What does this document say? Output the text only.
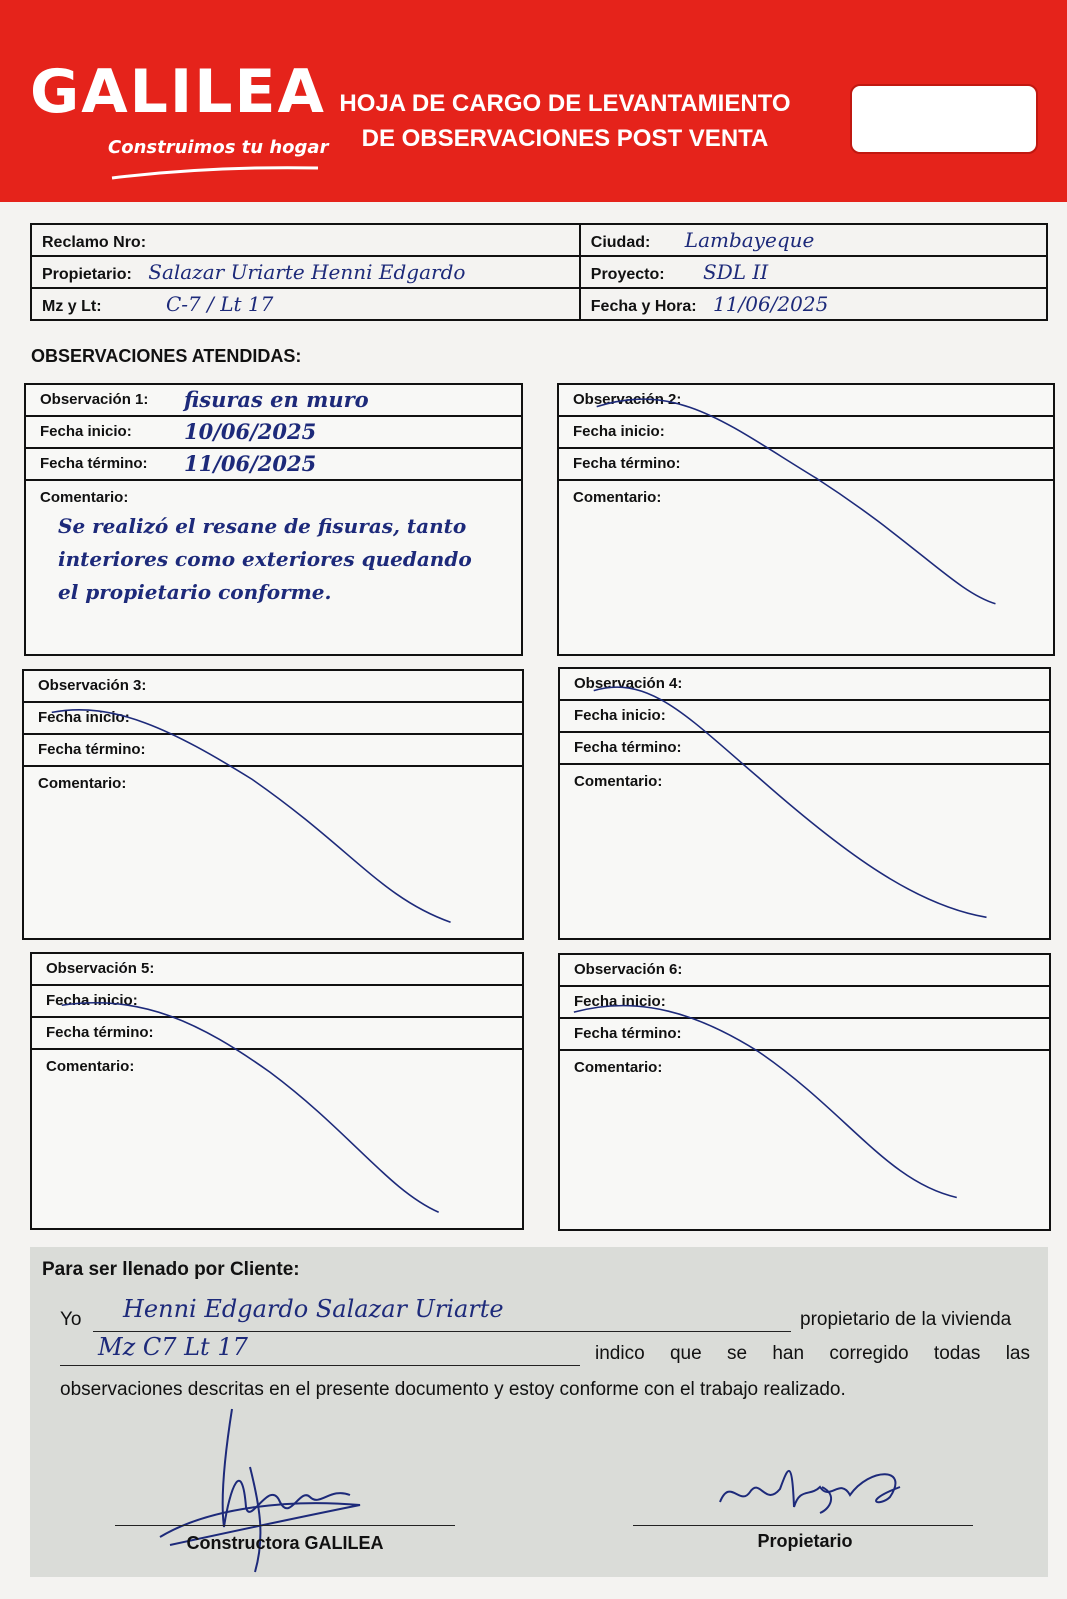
GALILEA
Construimos tu hogar
HOJA DE CARGO DE LEVANTAMIENTO
DE OBSERVACIONES POST VENTA
Reclamo Nro:	Ciudad: Lambayeque
Propietario: Salazar Uriarte Henni Edgardo	Proyecto: SDL II
Mz y Lt: C-7 / Lt 17	Fecha y Hora: 11/06/2025
OBSERVACIONES ATENDIDAS:
Observación 1: fisuras en muro
Fecha inicio: 10/06/2025
Fecha término: 11/06/2025
Comentario:
Se realizó el resane de fisuras, tanto
interiores como exteriores quedando
el propietario conforme.
Observación 2:
Fecha inicio:
Fecha término:
Comentario:
Observación 3:
Fecha inicio:
Fecha término:
Comentario:
Observación 4:
Fecha inicio:
Fecha término:
Comentario:
Observación 5:
Fecha inicio:
Fecha término:
Comentario:
Observación 6:
Fecha inicio:
Fecha término:
Comentario:
Para ser llenado por Cliente:
Yo Henni Edgardo Salazar Uriarte	propietario de la vivienda
Mz C7 Lt 17	indico que se han corregido todas las
observaciones descritas en el presente documento y estoy conforme con el trabajo realizado.
Constructora GALILEA	Propietario
